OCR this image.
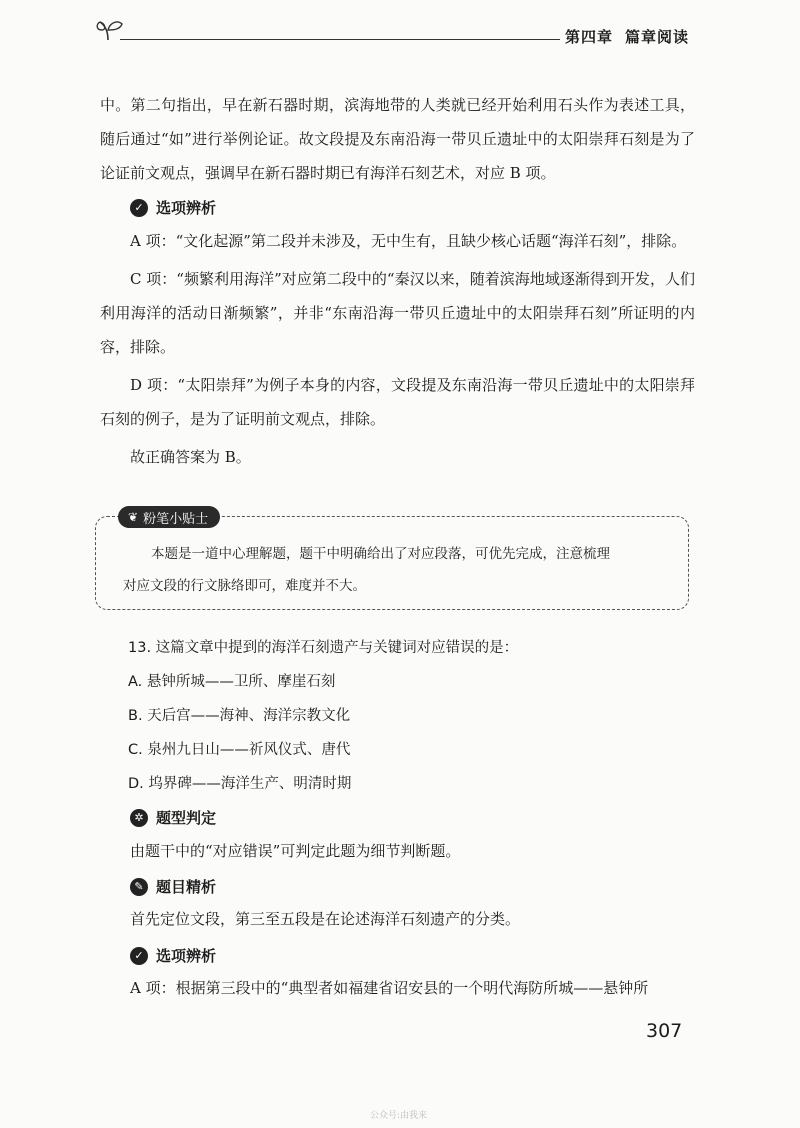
第四章 篇章阅读

中。第二句指出，早在新石器时期，滨海地带的人类就已经开始利用石头作为表述工具，随后通过“如”进行举例论证。故文段提及东南沿海一带贝丘遗址中的太阳崇拜石刻是为了论证前文观点，强调早在新石器时期已有海洋石刻艺术，对应 B 项。

✓ 选项辨析

A 项：“文化起源”第二段并未涉及，无中生有，且缺少核心话题“海洋石刻”，排除。

C 项：“频繁利用海洋”对应第二段中的“秦汉以来，随着滨海地域逐渐得到开发，人们利用海洋的活动日渐频繁”，并非“东南沿海一带贝丘遗址中的太阳崇拜石刻”所证明的内容，排除。

D 项：“太阳崇拜”为例子本身的内容，文段提及东南沿海一带贝丘遗址中的太阳崇拜石刻的例子，是为了证明前文观点，排除。

故正确答案为 B。

❦ 粉笔小贴士

本题是一道中心理解题，题干中明确给出了对应段落，可优先完成，注意梳理

对应文段的行文脉络即可，难度并不大。

13. 这篇文章中提到的海洋石刻遗产与关键词对应错误的是：
A. 悬钟所城——卫所、摩崖石刻
B. 天后宫——海神、海洋宗教文化
C. 泉州九日山——祈风仪式、唐代
D. 坞界碑——海洋生产、明清时期
✲ 题型判定

由题干中的“对应错误”可判定此题为细节判断题。

✎ 题目精析

首先定位文段，第三至五段是在论述海洋石刻遗产的分类。

✓ 选项辨析

A 项：根据第三段中的“典型者如福建省诏安县的一个明代海防所城——悬钟所

307
公众号:由我来
